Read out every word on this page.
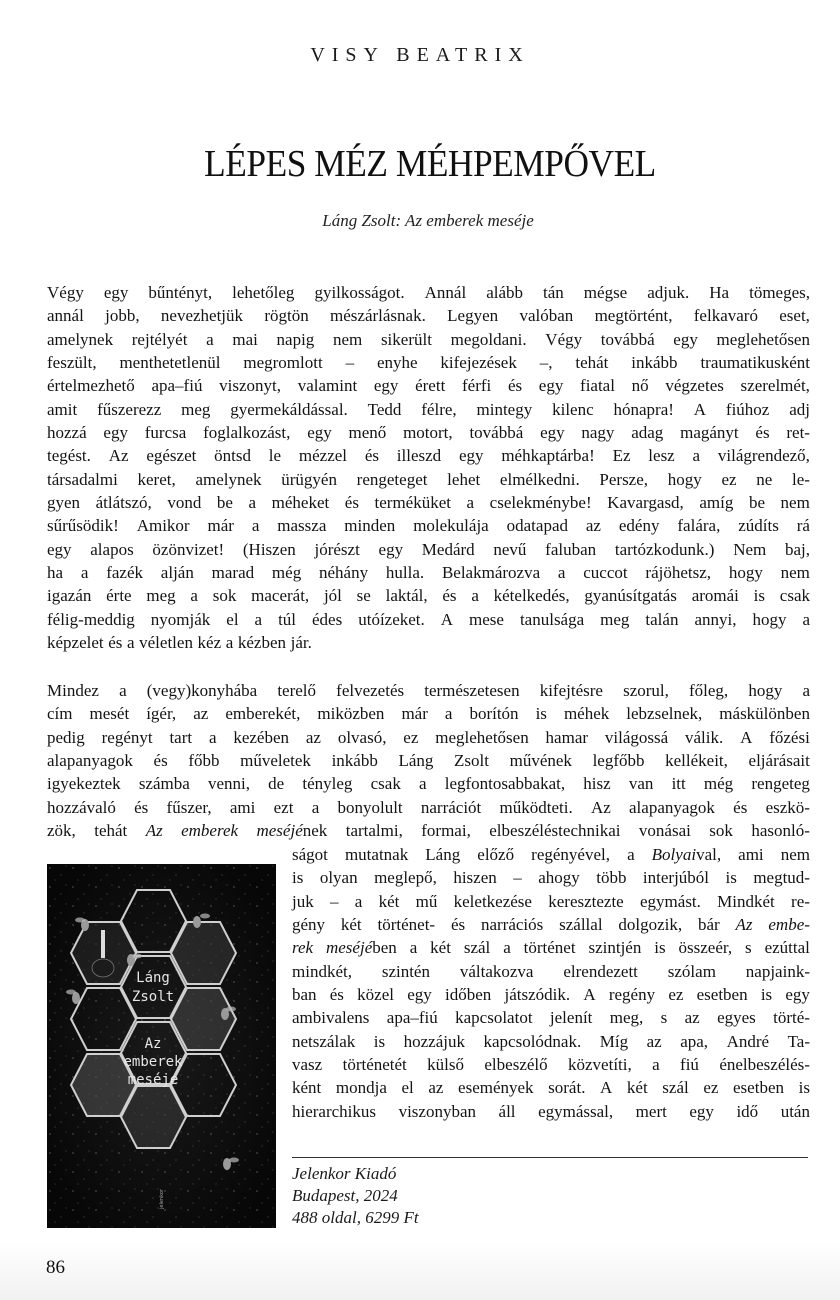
VISY BEATRIX
LÉPES MÉZ MÉHPEMPŐVEL
Láng Zsolt: Az emberek meséje
Végy egy bűntényt, lehetőleg gyilkosságot. Annál alább tán mégse adjuk. Ha tömeges,
annál jobb, nevezhetjük rögtön mészárlásnak. Legyen valóban megtörtént, felkavaró eset,
amelynek rejtélyét a mai napig nem sikerült megoldani. Végy továbbá egy meglehetősen
feszült, menthetetlenül megromlott – enyhe kifejezések –, tehát inkább traumatikusként
értelmezhető apa–fiú viszonyt, valamint egy érett férfi és egy fiatal nő végzetes szerelmét,
amit fűszerezz meg gyermekáldással. Tedd félre, mintegy kilenc hónapra! A fiúhoz adj
hozzá egy furcsa foglalkozást, egy menő motort, továbbá egy nagy adag magányt és ret-
tegést. Az egészet öntsd le mézzel és illeszd egy méhkaptárba! Ez lesz a világrendező,
társadalmi keret, amelynek ürügyén rengeteget lehet elmélkedni. Persze, hogy ez ne le-
gyen átlátszó, vond be a méheket és terméküket a cselekménybe! Kavargasd, amíg be nem
sűrűsödik! Amikor már a massza minden molekulája odatapad az edény falára, zúdíts rá
egy alapos özönvizet! (Hiszen jórészt egy Medárd nevű faluban tartózkodunk.) Nem baj,
ha a fazék alján marad még néhány hulla. Belakmározva a cuccot rájöhetsz, hogy nem
igazán érte meg a sok macerát, jól se laktál, és a kételkedés, gyanúsítgatás aromái is csak
félig-meddig nyomják el a túl édes utóízeket. A mese tanulsága meg talán annyi, hogy a
képzelet és a véletlen kéz a kézben jár.
Mindez a (vegy)konyhába terelő felvezetés természetesen kifejtésre szorul, főleg, hogy a
cím mesét ígér, az emberekét, miközben már a borítón is méhek lebzselnek, máskülönben
pedig regényt tart a kezében az olvasó, ez meglehetősen hamar világossá válik. A főzési
alapanyagok és főbb műveletek inkább Láng Zsolt művének legfőbb kellékeit, eljárásait
igyekeztek számba venni, de tényleg csak a legfontosabbakat, hisz van itt még rengeteg
hozzávaló és fűszer, ami ezt a bonyolult narrációt működteti. Az alapanyagok és eszkö-
zök, tehát Az emberek meséjének tartalmi, formai, elbeszéléstechnikai vonásai sok hasonló-
ságot mutatnak Láng előző regényével, a Bolyaival, ami nem
is olyan meglepő, hiszen – ahogy több interjúból is megtud-
juk – a két mű keletkezése keresztezte egymást. Mindkét re-
gény két történet- és narrációs szállal dolgozik, bár Az embe-
rek meséjében a két szál a történet szintjén is összeér, s ezúttal
mindkét, szintén váltakozva elrendezett szólam napjaink-
ban és közel egy időben játszódik. A regény ez esetben is egy
ambivalens apa–fiú kapcsolatot jelenít meg, s az egyes törté-
netszálak is hozzájuk kapcsolódnak. Míg az apa, André Ta-
vasz történetét külső elbeszélő közvetíti, a fiú énelbeszélés-
ként mondja el az események sorát. A két szál ez esetben is
hierarchikus viszonyban áll egymással, mert egy idő után
Láng
Zsolt
Az
emberek
meséje
jelenkor
Jelenkor Kiadó
Budapest, 2024
488 oldal, 6299 Ft
86
